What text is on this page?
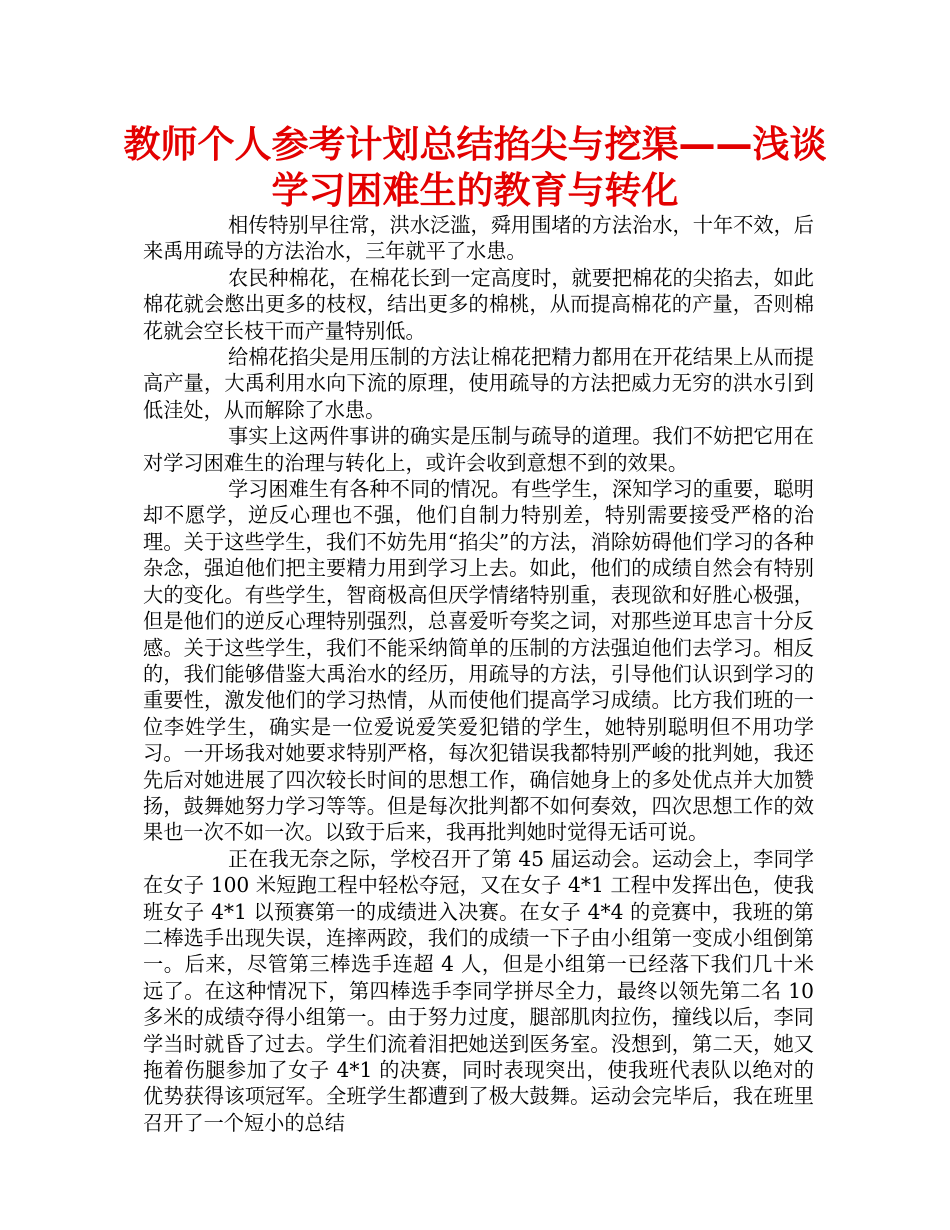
教师个人参考计划总结掐尖与挖渠——浅谈学习困难生的教育与转化

相传特别早往常，洪水泛滥，舜用围堵的方法治水，十年不效，后来禹用疏导的方法治水，三年就平了水患。

农民种棉花，在棉花长到一定高度时，就要把棉花的尖掐去，如此棉花就会憋出更多的枝杈，结出更多的棉桃，从而提高棉花的产量，否则棉花就会空长枝干而产量特别低。

给棉花掐尖是用压制的方法让棉花把精力都用在开花结果上从而提高产量，大禹利用水向下流的原理，使用疏导的方法把威力无穷的洪水引到低洼处，从而解除了水患。

事实上这两件事讲的确实是压制与疏导的道理。我们不妨把它用在对学习困难生的治理与转化上，或许会收到意想不到的效果。

学习困难生有各种不同的情况。有些学生，深知学习的重要，聪明却不愿学，逆反心理也不强，他们自制力特别差，特别需要接受严格的治理。关于这些学生，我们不妨先用“掐尖”的方法，消除妨碍他们学习的各种杂念，强迫他们把主要精力用到学习上去。如此，他们的成绩自然会有特别大的变化。有些学生，智商极高但厌学情绪特别重，表现欲和好胜心极强，但是他们的逆反心理特别强烈，总喜爱听夸奖之词，对那些逆耳忠言十分反感。关于这些学生，我们不能采纳简单的压制的方法强迫他们去学习。相反的，我们能够借鉴大禹治水的经历，用疏导的方法，引导他们认识到学习的重要性，激发他们的学习热情，从而使他们提高学习成绩。比方我们班的一位李姓学生，确实是一位爱说爱笑爱犯错的学生，她特别聪明但不用功学习。一开场我对她要求特别严格，每次犯错误我都特别严峻的批判她，我还先后对她进展了四次较长时间的思想工作，确信她身上的多处优点并大加赞扬，鼓舞她努力学习等等。但是每次批判都不如何奏效，四次思想工作的效果也一次不如一次。以致于后来，我再批判她时觉得无话可说。

正在我无奈之际，学校召开了第 45 届运动会。运动会上，李同学在女子 100 米短跑工程中轻松夺冠，又在女子 4*1 工程中发挥出色，使我班女子 4*1 以预赛第一的成绩进入决赛。在女子 4*4 的竞赛中，我班的第二棒选手出现失误，连摔两跤，我们的成绩一下子由小组第一变成小组倒第一。后来，尽管第三棒选手连超 4 人，但是小组第一已经落下我们几十米远了。在这种情况下，第四棒选手李同学拼尽全力，最终以领先第二名 10 多米的成绩夺得小组第一。由于努力过度，腿部肌肉拉伤，撞线以后，李同学当时就昏了过去。学生们流着泪把她送到医务室。没想到，第二天，她又拖着伤腿参加了女子 4*1 的决赛，同时表现突出，使我班代表队以绝对的优势获得该项冠军。全班学生都遭到了极大鼓舞。运动会完毕后，我在班里召开了一个短小的总结
